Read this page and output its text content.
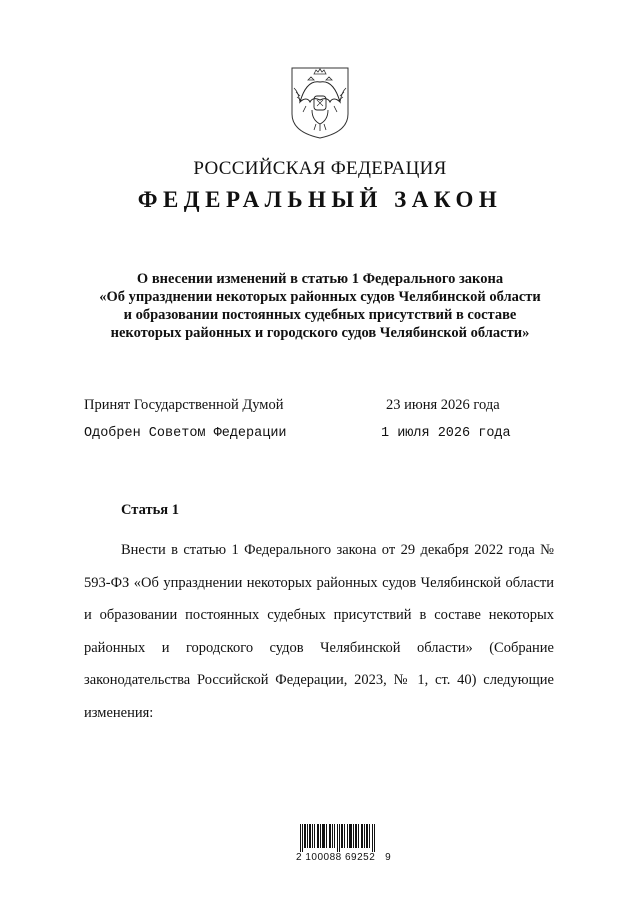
РОССИЙСКАЯ ФЕДЕРАЦИЯ
ФЕДЕРАЛЬНЫЙ ЗАКОН
О внесении изменений в статью 1 Федерального закона
«Об упразднении некоторых районных судов Челябинской области
и образовании постоянных судебных присутствий в составе
некоторых районных и городского судов Челябинской области»
Принят Государственной Думой	23 июня 2026 года
Одобрен Советом Федерации	1 июля 2026 года
Статья 1
Внести в статью 1 Федерального закона от 29 декабря 2022 года № 593-ФЗ «Об упразднении некоторых районных судов Челябинской области и образовании постоянных судебных присутствий в составе некоторых районных и городского судов Челябинской области» (Собрание законодательства Российской Федерации, 2023, № 1, ст. 40) следующие изменения:
2 100088 69252   9
